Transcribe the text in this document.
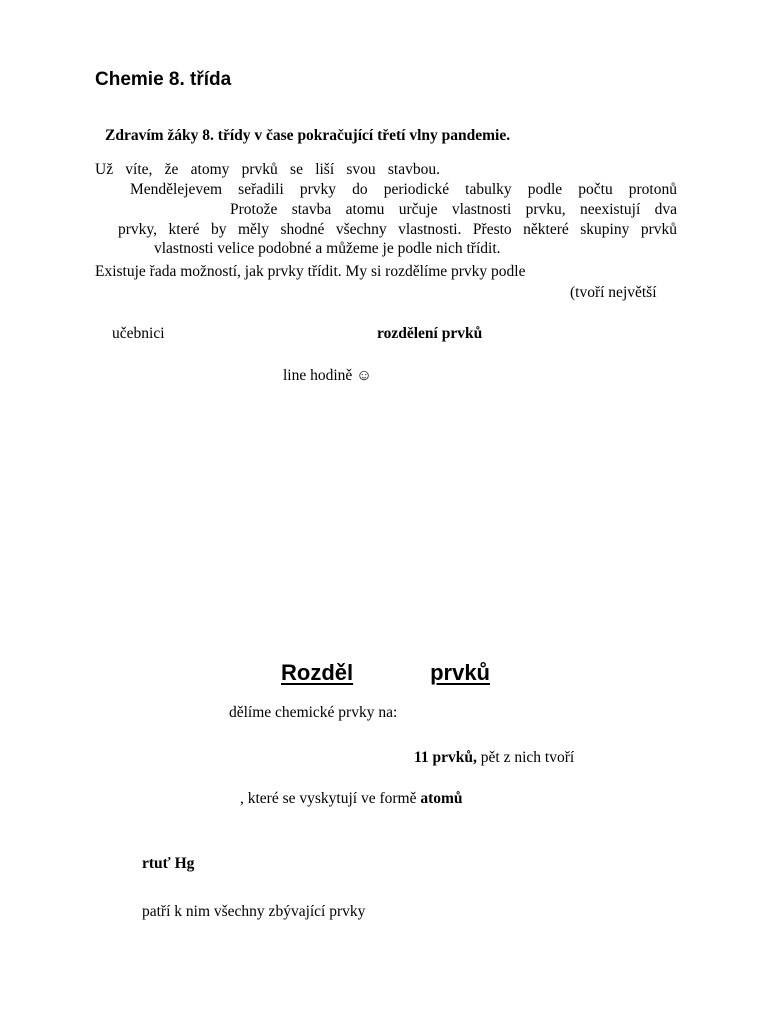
Chemie 8. třída
Zdravím žáky 8. třídy v čase pokračující třetí vlny pandemie.
Už víte, že atomy prvků se liší svou stavbou.
Mendělejevem seřadili prvky do periodické tabulky podle počtu protonů
Protože stavba atomu určuje vlastnosti prvku, neexistují dva
prvky, které by měly shodné všechny vlastnosti. Přesto některé skupiny prvků
vlastnosti velice podobné a můžeme je podle nich třídit.
Existuje řada možností, jak prvky třídit. My si rozdělíme prvky podle
(tvoří největší
učebnici	rozdělení prvků
line hodině ☺
Rozděl	prvků
dělíme chemické prvky na:
11 prvků, pět z nich tvoří
, které se vyskytují ve formě atomů
rtuť Hg
patří k nim všechny zbývající prvky
